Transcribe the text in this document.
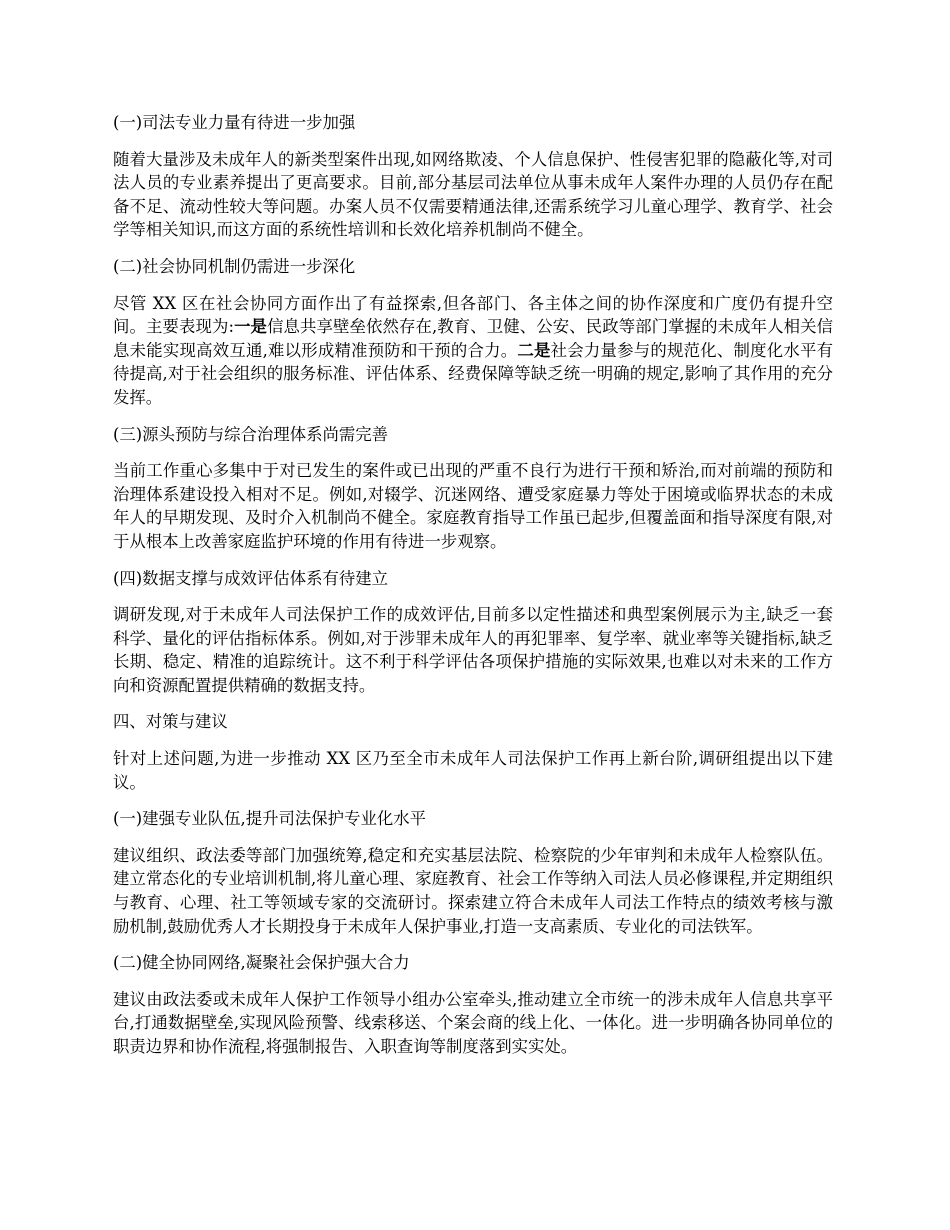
(一)司法专业力量有待进一步加强

随着大量涉及未成年人的新类型案件出现,如网络欺凌、个人信息保护、性侵害犯罪的隐蔽化等,对司法人员的专业素养提出了更高要求。目前,部分基层司法单位从事未成年人案件办理的人员仍存在配备不足、流动性较大等问题。办案人员不仅需要精通法律,还需系统学习儿童心理学、教育学、社会学等相关知识,而这方面的系统性培训和长效化培养机制尚不健全。

(二)社会协同机制仍需进一步深化

尽管 XX 区在社会协同方面作出了有益探索,但各部门、各主体之间的协作深度和广度仍有提升空间。主要表现为:一是信息共享壁垒依然存在,教育、卫健、公安、民政等部门掌握的未成年人相关信息未能实现高效互通,难以形成精准预防和干预的合力。二是社会力量参与的规范化、制度化水平有待提高,对于社会组织的服务标准、评估体系、经费保障等缺乏统一明确的规定,影响了其作用的充分发挥。

(三)源头预防与综合治理体系尚需完善

当前工作重心多集中于对已发生的案件或已出现的严重不良行为进行干预和矫治,而对前端的预防和治理体系建设投入相对不足。例如,对辍学、沉迷网络、遭受家庭暴力等处于困境或临界状态的未成年人的早期发现、及时介入机制尚不健全。家庭教育指导工作虽已起步,但覆盖面和指导深度有限,对于从根本上改善家庭监护环境的作用有待进一步观察。

(四)数据支撑与成效评估体系有待建立

调研发现,对于未成年人司法保护工作的成效评估,目前多以定性描述和典型案例展示为主,缺乏一套科学、量化的评估指标体系。例如,对于涉罪未成年人的再犯罪率、复学率、就业率等关键指标,缺乏长期、稳定、精准的追踪统计。这不利于科学评估各项保护措施的实际效果,也难以对未来的工作方向和资源配置提供精确的数据支持。

四、对策与建议

针对上述问题,为进一步推动 XX 区乃至全市未成年人司法保护工作再上新台阶,调研组提出以下建议。

(一)建强专业队伍,提升司法保护专业化水平

建议组织、政法委等部门加强统筹,稳定和充实基层法院、检察院的少年审判和未成年人检察队伍。建立常态化的专业培训机制,将儿童心理、家庭教育、社会工作等纳入司法人员必修课程,并定期组织与教育、心理、社工等领域专家的交流研讨。探索建立符合未成年人司法工作特点的绩效考核与激励机制,鼓励优秀人才长期投身于未成年人保护事业,打造一支高素质、专业化的司法铁军。

(二)健全协同网络,凝聚社会保护强大合力

建议由政法委或未成年人保护工作领导小组办公室牵头,推动建立全市统一的涉未成年人信息共享平台,打通数据壁垒,实现风险预警、线索移送、个案会商的线上化、一体化。进一步明确各协同单位的职责边界和协作流程,将强制报告、入职查询等制度落到实实处。
